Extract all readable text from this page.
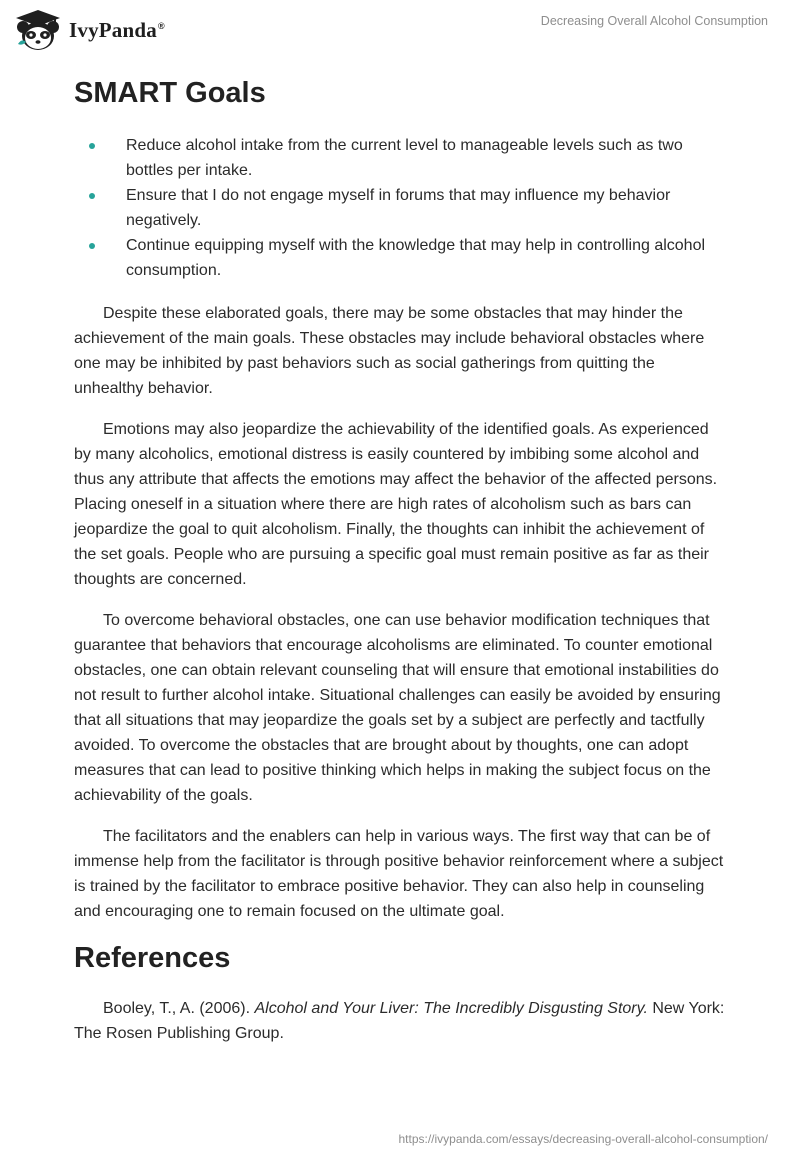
IvyPanda®	Decreasing Overall Alcohol Consumption
SMART Goals
Reduce alcohol intake from the current level to manageable levels such as two bottles per intake.
Ensure that I do not engage myself in forums that may influence my behavior negatively.
Continue equipping myself with the knowledge that may help in controlling alcohol consumption.

Despite these elaborated goals, there may be some obstacles that may hinder the achievement of the main goals. These obstacles may include behavioral obstacles where one may be inhibited by past behaviors such as social gatherings from quitting the unhealthy behavior.

Emotions may also jeopardize the achievability of the identified goals. As experienced by many alcoholics, emotional distress is easily countered by imbibing some alcohol and thus any attribute that affects the emotions may affect the behavior of the affected persons. Placing oneself in a situation where there are high rates of alcoholism such as bars can jeopardize the goal to quit alcoholism. Finally, the thoughts can inhibit the achievement of the set goals. People who are pursuing a specific goal must remain positive as far as their thoughts are concerned.

To overcome behavioral obstacles, one can use behavior modification techniques that guarantee that behaviors that encourage alcoholisms are eliminated. To counter emotional obstacles, one can obtain relevant counseling that will ensure that emotional instabilities do not result to further alcohol intake. Situational challenges can easily be avoided by ensuring that all situations that may jeopardize the goals set by a subject are perfectly and tactfully avoided. To overcome the obstacles that are brought about by thoughts, one can adopt measures that can lead to positive thinking which helps in making the subject focus on the achievability of the goals.

The facilitators and the enablers can help in various ways. The first way that can be of immense help from the facilitator is through positive behavior reinforcement where a subject is trained by the facilitator to embrace positive behavior. They can also help in counseling and encouraging one to remain focused on the ultimate goal.

References

Booley, T., A. (2006). Alcohol and Your Liver: The Incredibly Disgusting Story. New York: The Rosen Publishing Group.

https://ivypanda.com/essays/decreasing-overall-alcohol-consumption/
